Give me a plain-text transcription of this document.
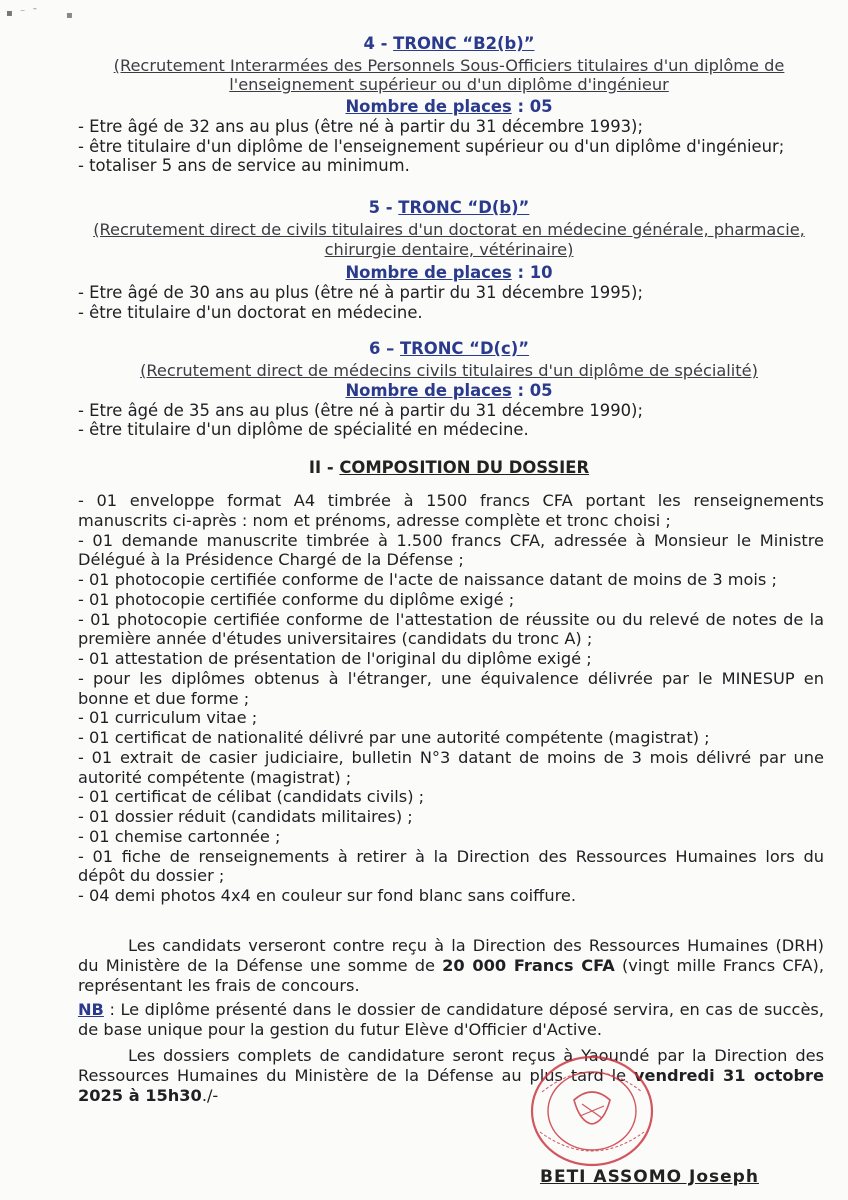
▪ ⁻ ˉ	▪
4 - TRONC “B2(b)”
(Recrutement Interarmées des Personnels Sous-Officiers titulaires d'un diplôme de l'enseignement supérieur ou d'un diplôme d'ingénieur
Nombre de places : 05
- Etre âgé de 32 ans au plus (être né à partir du 31 décembre 1993);
- être titulaire d'un diplôme de l'enseignement supérieur ou d'un diplôme d'ingénieur;
- totaliser 5 ans de service au minimum.
5 - TRONC “D(b)”
(Recrutement direct de civils titulaires d'un doctorat en médecine générale, pharmacie, chirurgie dentaire, vétérinaire)
Nombre de places : 10
- Etre âgé de 30 ans au plus (être né à partir du 31 décembre 1995);
- être titulaire d'un doctorat en médecine.
6 – TRONC “D(c)”
(Recrutement direct de médecins civils titulaires d'un diplôme de spécialité)
Nombre de places : 05
- Etre âgé de 35 ans au plus (être né à partir du 31 décembre 1990);
- être titulaire d'un diplôme de spécialité en médecine.
II - COMPOSITION DU DOSSIER
- 01 enveloppe format A4 timbrée à 1500 francs CFA portant les renseignements manuscrits ci-après : nom et prénoms, adresse complète et tronc choisi ;
- 01 demande manuscrite timbrée à 1.500 francs CFA, adressée à Monsieur le Ministre Délégué à la Présidence Chargé de la Défense ;
- 01 photocopie certifiée conforme de l'acte de naissance datant de moins de 3 mois ;
- 01 photocopie certifiée conforme du diplôme exigé ;
- 01 photocopie certifiée conforme de l'attestation de réussite ou du relevé de notes de la première année d'études universitaires (candidats du tronc A) ;
- 01 attestation de présentation de l'original du diplôme exigé ;
- pour les diplômes obtenus à l'étranger, une équivalence délivrée par le MINESUP en bonne et due forme ;
- 01 curriculum vitae ;
- 01 certificat de nationalité délivré par une autorité compétente (magistrat) ;
- 01 extrait de casier judiciaire, bulletin N°3 datant de moins de 3 mois délivré par une autorité compétente (magistrat) ;
- 01 certificat de célibat (candidats civils) ;
- 01 dossier réduit (candidats militaires) ;
- 01 chemise cartonnée ;
- 01 fiche de renseignements à retirer à la Direction des Ressources Humaines lors du dépôt du dossier ;
- 04 demi photos 4x4 en couleur sur fond blanc sans coiffure.
Les candidats verseront contre reçu à la Direction des Ressources Humaines (DRH) du Ministère de la Défense une somme de 20 000 Francs CFA (vingt mille Francs CFA), représentant les frais de concours.
NB : Le diplôme présenté dans le dossier de candidature déposé servira, en cas de succès, de base unique pour la gestion du futur Elève d'Officier d'Active.
Les dossiers complets de candidature seront reçus à Yaoundé par la Direction des Ressources Humaines du Ministère de la Défense au plus tard le vendredi 31 octobre 2025 à 15h30./-
BETI ASSOMO Joseph
